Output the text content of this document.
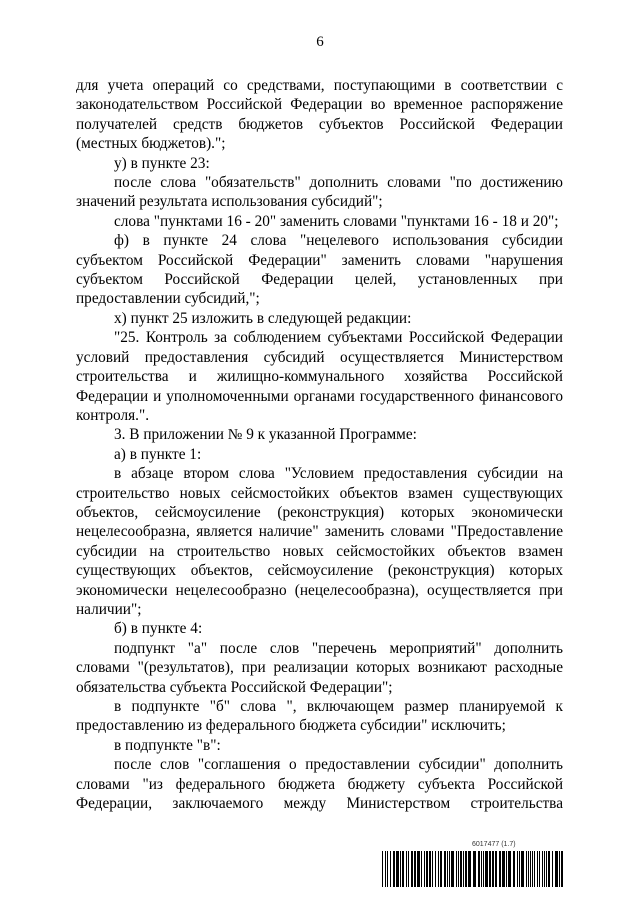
6

для учета операций со средствами, поступающими в соответствии с законодательством Российской Федерации во временное распоряжение получателей средств бюджетов субъектов Российской Федерации (местных бюджетов).";

у) в пункте 23:

после слова "обязательств" дополнить словами "по достижению значений результата использования субсидий";

слова "пунктами 16 - 20" заменить словами "пунктами 16 - 18 и 20";

ф) в пункте 24 слова "нецелевого использования субсидии субъектом Российской Федерации" заменить словами "нарушения субъектом Российской Федерации целей, установленных при предоставлении субсидий,";

х) пункт 25 изложить в следующей редакции:

"25. Контроль за соблюдением субъектами Российской Федерации условий предоставления субсидий осуществляется Министерством строительства и жилищно-коммунального хозяйства Российской Федерации и уполномоченными органами государственного финансового контроля.".

3. В приложении № 9 к указанной Программе:

а) в пункте 1:

в абзаце втором слова "Условием предоставления субсидии на строительство новых сейсмостойких объектов взамен существующих объектов, сейсмоусиление (реконструкция) которых экономически нецелесообразна, является наличие" заменить словами "Предоставление субсидии на строительство новых сейсмостойких объектов взамен существующих объектов, сейсмоусиление (реконструкция) которых экономически нецелесообразно (нецелесообразна), осуществляется при наличии";

б) в пункте 4:

подпункт "а" после слов "перечень мероприятий" дополнить словами "(результатов), при реализации которых возникают расходные обязательства субъекта Российской Федерации";

в подпункте "б" слова ", включающем размер планируемой к предоставлению из федерального бюджета субсидии" исключить;

в подпункте "в":

после слов "соглашения о предоставлении субсидии" дополнить словами "из федерального бюджета бюджету субъекта Российской Федерации, заключаемого между Министерством строительства

6017477 (1.7)
